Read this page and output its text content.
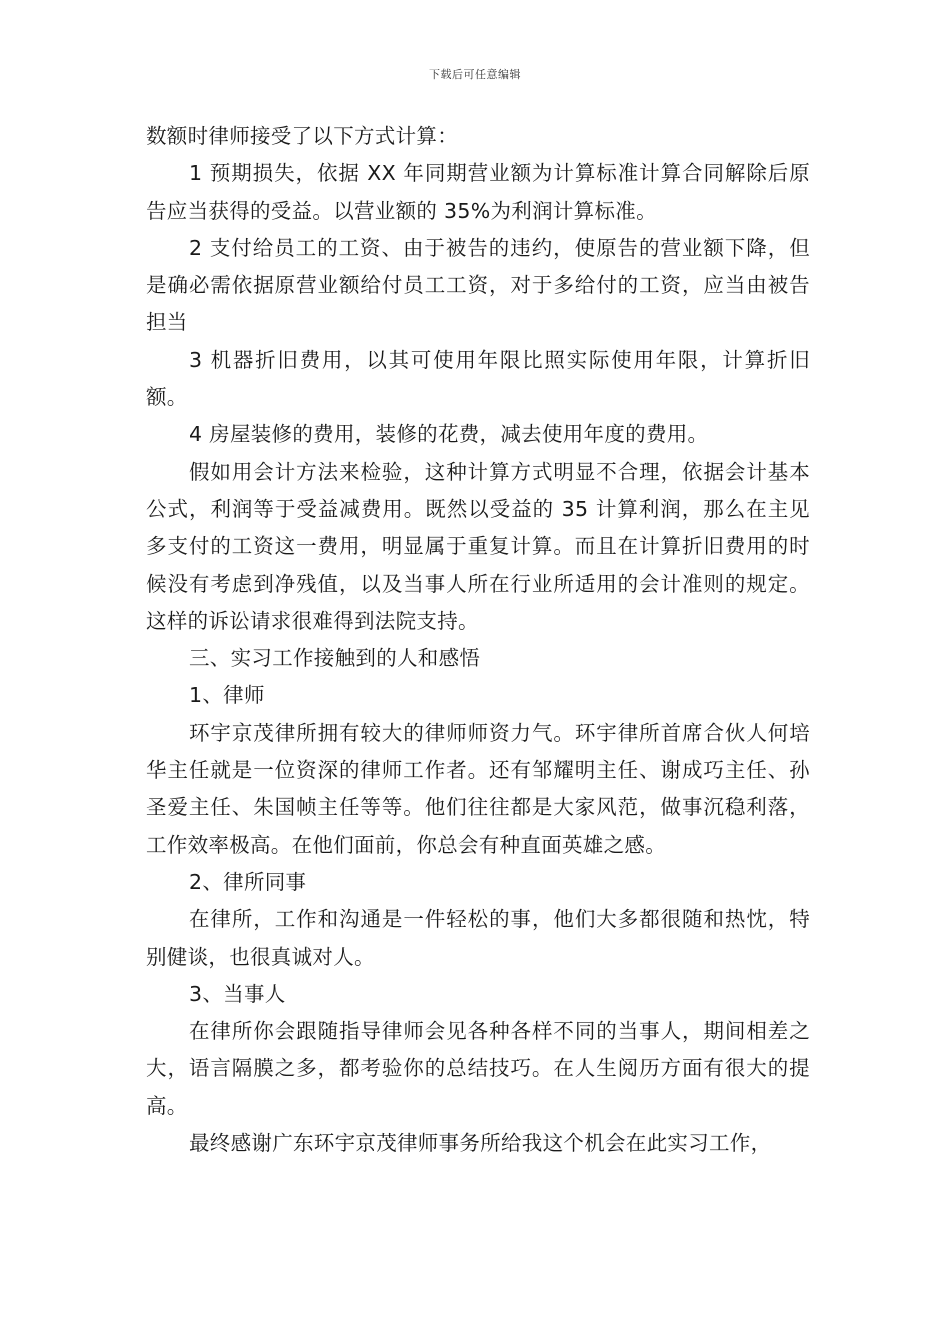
下载后可任意编辑

数额时律师接受了以下方式计算：

1 预期损失，依据 XX 年同期营业额为计算标准计算合同解除后原告应当获得的受益。以营业额的 35%为利润计算标准。

2 支付给员工的工资、由于被告的违约，使原告的营业额下降，但是确必需依据原营业额给付员工工资，对于多给付的工资，应当由被告担当

3 机器折旧费用，以其可使用年限比照实际使用年限，计算折旧额。

4 房屋装修的费用，装修的花费，减去使用年度的费用。

假如用会计方法来检验，这种计算方式明显不合理，依据会计基本公式，利润等于受益减费用。既然以受益的 35 计算利润，那么在主见多支付的工资这一费用，明显属于重复计算。而且在计算折旧费用的时候没有考虑到净残值，以及当事人所在行业所适用的会计准则的规定。这样的诉讼请求很难得到法院支持。

三、实习工作接触到的人和感悟

1、律师

环宇京茂律所拥有较大的律师师资力气。环宇律所首席合伙人何培华主任就是一位资深的律师工作者。还有邹耀明主任、谢成巧主任、孙圣爱主任、朱国帧主任等等。他们往往都是大家风范，做事沉稳利落，工作效率极高。在他们面前，你总会有种直面英雄之感。

2、律所同事

在律所，工作和沟通是一件轻松的事，他们大多都很随和热忱，特别健谈，也很真诚对人。

3、当事人

在律所你会跟随指导律师会见各种各样不同的当事人，期间相差之大，语言隔膜之多，都考验你的总结技巧。在人生阅历方面有很大的提高。

最终感谢广东环宇京茂律师事务所给我这个机会在此实习工作，
